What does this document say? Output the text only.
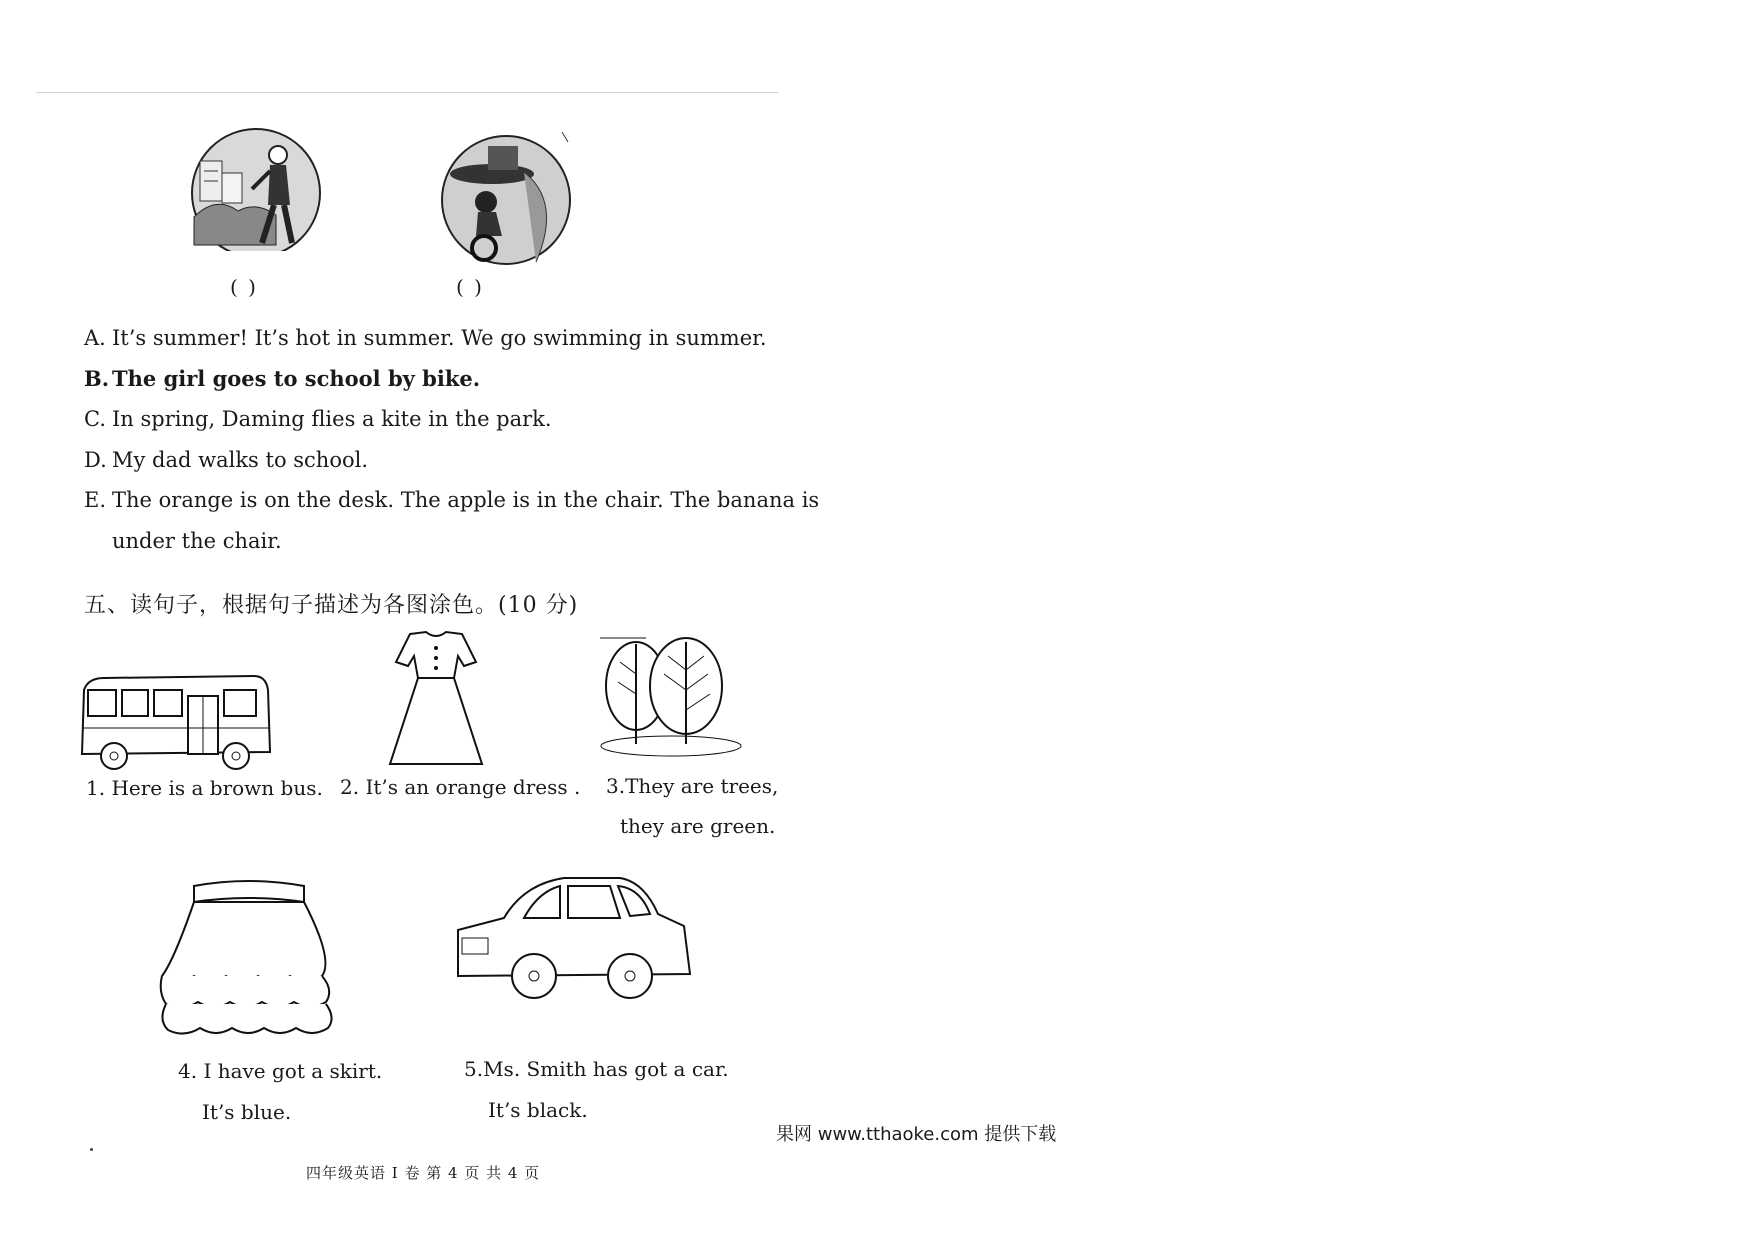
( )	( )
A. It’s summer! It’s hot in summer. We go swimming in summer.
B. The girl goes to school by bike.
C. In spring, Daming flies a kite in the park.
D. My dad walks to school.
E. The orange is on the desk. The apple is in the chair. The banana is
under the chair.
五、读句子，根据句子描述为各图涂色。(10 分)
1. Here is a brown bus. 2. It’s an orange dress . 3.They are trees,
they are green.
4. I have got a skirt.
It’s blue.
5.Ms. Smith has got a car.
It’s black.
果网 www.tthaoke.com 提供下载
四年级英语 I 卷 第 4 页 共 4 页
